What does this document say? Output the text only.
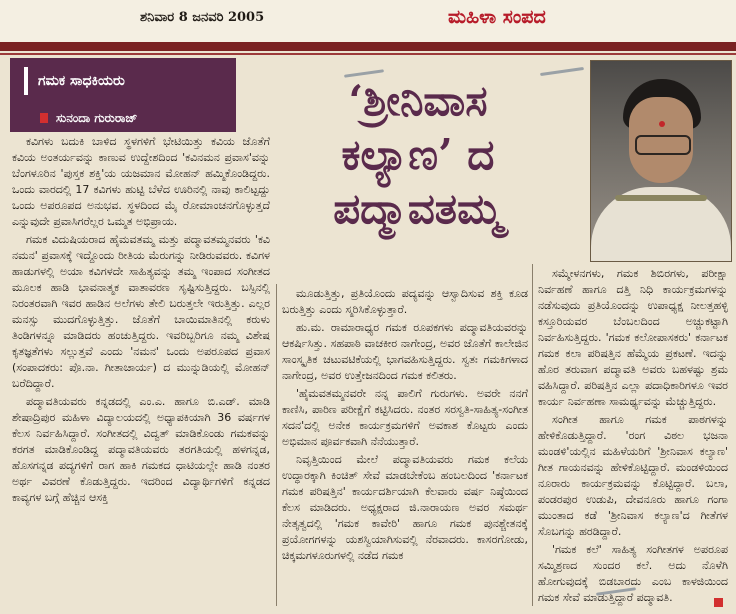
ಶನಿವಾರ 8 ಜನವರಿ 2005	ಮಹಿಳಾ ಸಂಪದ
ಗಮಕ ಸಾಧಕಿಯರು
ಸುನಂದಾ ಗುರುರಾಜ್	‘ಶ್ರೀನಿವಾಸ
ಕಲ್ಯಾಣ’ ದ
ಪದ್ಮಾವತಮ್ಮ

ಕವಿಗಳು ಬದುಕಿ ಬಾಳಿದ ಸ್ಥಳಗಳಿಗೆ ಭೇಟಿಯಿತ್ತು ಕವಿಯ ಜೊತೆಗೆ ಕವಿಯ ಅಂತರ್ಯವನ್ನು ಕಾಣುವ ಉದ್ದೇಶದಿಂದ 'ಕವಿನಮನ ಪ್ರವಾಸ'ವನ್ನು ಬೆಂಗಳೂರಿನ 'ಪುಸ್ತಕ ಶಕ್ತಿ'ಯ ಯಜಮಾನ ಮೋಹನ್ ಹಮ್ಮಿಕೊಂಡಿದ್ದರು. ಒಂದು ವಾರದಲ್ಲಿ 17 ಕವಿಗಳು ಹುಟ್ಟಿ ಬೆಳೆದ ಊರಿನಲ್ಲಿ ನಾವು ಕಾಲಿಟ್ಟದ್ದು ಒಂದು ಅಪರೂಪದ ಅನುಭವ. ಸ್ಥಳದಿಂದ ಮೈ ರೋಮಾಂಚನಗೊಳ್ಳುತ್ತದೆ ಎನ್ನುವುದೇ ಪ್ರವಾಸಿಗರೆಲ್ಲರ ಒಮ್ಮತ ಅಭಿಪ್ರಾಯ.

ಗಮಕ ವಿದುಷಿಯರಾದ ಹೈಮವತಮ್ಮ ಮತ್ತು ಪದ್ಮಾವತಮ್ಮನವರು 'ಕವಿ ನಮನ' ಪ್ರವಾಸಕ್ಕೆ ಇದ್ದೊಂದು ರೀತಿಯ ಮೆರುಗನ್ನು ನೀಡಿರುವವರು. ಕವಿಗಳ ಹಾಡುಗಳಲ್ಲಿ ಅಯಾ ಕವಿಗಳದೇ ಸಾಹಿತ್ಯವನ್ನು ತಮ್ಮ ಇಂಪಾದ ಸಂಗೀತದ ಮೂಲಕ ಹಾಡಿ ಭಾವನಾತ್ಮಕ ವಾತಾವರಣ ಸೃಷ್ಟಿಸುತ್ತಿದ್ದರು. ಬಸ್ಸಿನಲ್ಲಿ ನಿರಂತರವಾಗಿ ಇವರ ಹಾಡಿನ ಅಲೆಗಳು ತೇಲಿ ಬರುತ್ತಲೇ ಇರುತ್ತಿತ್ತು. ಎಲ್ಲರ ಮನಸ್ಸು ಮುದಗೊಳ್ಳುತ್ತಿತ್ತು. ಜೊತೆಗೆ ಬಾಯಿಮಾತಿನಲ್ಲಿ ಕರುಳು ತಿಂಡಿಗಳನ್ನೂ ಮಾಡಿದರು ಹಂಚುತ್ತಿದ್ದರು. ಇವರಿಬ್ಬರಿಗೂ ನಮ್ಮ ವಿಶೇಷ ಕೃತಜ್ಞತೆಗಳು ಸಲ್ಲುತ್ತವೆ ಎಂದು 'ನಮನ' ಒಂದು ಅಪರೂಪದ ಪ್ರವಾಸ (ಸಂಪಾದಕರು: ಪೊ.ನಾ. ಗೀತಾಚಾರ್ಯ) ದ ಮುನ್ನುಡಿಯಲ್ಲಿ ಮೋಹನ್ ಬರೆದಿದ್ದಾರೆ.

ಪದ್ಮಾವತಿಯವರು ಕನ್ನಡದಲ್ಲಿ ಎಂ.ಎ. ಹಾಗೂ ಬಿ.ಎಡ್. ಮಾಡಿ ಶೇಷಾದ್ರಿಪುರ ಮಹಿಳಾ ವಿದ್ಯಾಲಯದಲ್ಲಿ ಅಧ್ಯಾಪಕಿಯಾಗಿ 36 ವರ್ಷಗಳ ಕೆಲಸ ನಿರ್ವಹಿಸಿದ್ದಾರೆ. ಸಂಗೀತದಲ್ಲಿ ವಿದ್ವತ್ ಮಾಡಿಕೊಂಡು ಗಮಕವನ್ನು ಕರಗತ ಮಾಡಿಕೊಂಡಿದ್ದ ಪದ್ಮಾವತಿಯವರು ತರಗತಿಯಲ್ಲಿ ಹಳಗನ್ನಡ, ಹೊಸಗನ್ನಡ ಪದ್ಯಗಳಿಗೆ ರಾಗ ಹಾಕಿ ಗಮಕದ ಧಾಟಿಯಲ್ಲೇ ಹಾಡಿ ನಂತರ ಅರ್ಥ ವಿವರಣೆ ಕೊಡುತ್ತಿದ್ದರು. ಇದರಿಂದ ವಿದ್ಯಾರ್ಥಿಗಳಿಗೆ ಕನ್ನಡದ ಕಾವ್ಯಗಳ ಬಗ್ಗೆ ಹೆಚ್ಚಿನ ಆಸಕ್ತಿ

ಮೂಡುತ್ತಿತ್ತು, ಪ್ರತಿಯೊಂದು ಪದ್ಯವನ್ನು ಆಸ್ವಾದಿಸುವ ಶಕ್ತಿ ಕೂಡ ಬರುತ್ತಿತ್ತು ಎಂದು ಸ್ಮರಿಸಿಕೊಳ್ಳುತ್ತಾರೆ.

ಹು.ಮ. ರಾಮಾರಾಧ್ಯರ ಗಮಕ ರೂಪಕಗಳು ಪದ್ಮಾವತಿಯವರನ್ನು ಆಕರ್ಷಿಸಿತ್ತು. ಸಹಪಾಠಿ ವಾಚಕೀರ ನಾಗೇಂದ್ರ, ಅವರ ಜೊತೆಗೆ ಕಾಲೇಜಿನ ಸಾಂಸ್ಕೃತಿಕ ಚಟುವಟಿಕೆಯಲ್ಲಿ ಭಾಗವಹಿಸುತ್ತಿದ್ದರು. ಸ್ವತಃ ಗಮಕಿಗಳಾದ ನಾಗೇಂದ್ರ, ಅವರ ಉತ್ತೇಜನದಿಂದ ಗಮಕ ಕಲಿತರು.

'ಹೈಮವತಮ್ಮನವರೇ ನನ್ನ ಪಾಲಿಗೆ ಗುರುಗಳು. ಅವರೇ ನನಗೆ ಕಾಣಿಸಿ, ಪಾರಿಣ ಪರೀಕ್ಷೆಗೆ ಕಟ್ಟಿಸಿದರು. ನಂತರ ಸರಸ್ವತಿ-ಸಾಹಿತ್ಯ-ಸಂಗೀತ ಸದನ'ದಲ್ಲಿ ಅನೇಕ ಕಾರ್ಯಕ್ರಮಗಳಿಗೆ ಅವಕಾಶ ಕೊಟ್ಟರು ಎಂದು ಅಭಿಮಾನ ಪೂರ್ವಕವಾಗಿ ನೆನೆಯುತ್ತಾರೆ.

ನಿವೃತ್ತಿಯಿಂದ ಮೇಲೆ ಪದ್ಮಾವತಿಯವರು ಗಮಕ ಕಲೆಯ ಉದ್ಧಾರಕ್ಕಾಗಿ ಕಿಂಚಿತ್ ಸೇವೆ ಮಾಡಬೇಕೆಂಬ ಹಂಬಲದಿಂದ 'ಕರ್ನಾಟಕ ಗಮಕ ಪರಿಷತ್ತಿನ' ಕಾರ್ಯದರ್ಶಿಯಾಗಿ ಕೆಲವಾರು ವರ್ಷ ನಿಷ್ಠೆಯಿಂದ ಕೆಲಸ ಮಾಡಿದರು. ಅಧ್ಯಕ್ಷರಾದ ಜಿ.ನಾರಾಯಣ ಅವರ ಸಮರ್ಥ ನೇತೃತ್ವದಲ್ಲಿ 'ಗಮಕ ಕಾವೇರಿ' ಹಾಗೂ ಗಮಕ ಪುನಶ್ಚೇತನಕ್ಕೆ ಪ್ರಯೋಗಗಳನ್ನು ಯಶಸ್ವಿಯಾಗಿಸುವಲ್ಲಿ ನೆರವಾದರು. ಕಾಸರಗೋಡು, ಚಿಕ್ಕಮಗಳೂರುಗಳಲ್ಲಿ ನಡೆದ ಗಮಕ

ಸಮ್ಮೇಳನಗಳು, ಗಮಕ ಶಿಬಿರಗಳು, ಪರೀಕ್ಷಾ ನಿರ್ವಹಣೆ ಹಾಗೂ ದತ್ತಿ ನಿಧಿ ಕಾರ್ಯಕ್ರಮಗಳನ್ನು ನಡೆಸುವುದು ಪ್ರತಿಯೊಂದನ್ನು ಉಪಾಧ್ಯಕ್ಷ ನೀಲತ್ತಹಳ್ಳಿ ಕಸ್ತೂರಿಯವರ ಬೆಂಬಲದಿಂದ ಅಚ್ಚುಕಟ್ಟಾಗಿ ನಿರ್ವಹಿಸುತ್ತಿದ್ದರು. 'ಗಮಕ ಕಲೋಪಾಸಕರು' ಕರ್ನಾಟಕ ಗಮಕ ಕಲಾ ಪರಿಷತ್ತಿನ ಹೆಮ್ಮೆಯ ಪ್ರಕಟಣೆ. ಇದನ್ನು ಹೊರ ತರುವಾಗ ಪದ್ಮಾವತಿ ಅವರು ಬಹಳಷ್ಟು ಶ್ರಮ ವಹಿಸಿದ್ದಾರೆ. ಪರಿಷತ್ತಿನ ಎಲ್ಲಾ ಪದಾಧಿಕಾರಿಗಳೂ ಇವರ ಕಾರ್ಯ ನಿರ್ವಹಣಾ ಸಾಮರ್ಥ್ಯವನ್ನು ಮೆಚ್ಚುತ್ತಿದ್ದರು.

ಸಂಗೀತ ಹಾಗೂ ಗಮಕ ಪಾಠಗಳನ್ನು ಹೇಳಿಕೊಡುತ್ತಿದ್ದಾರೆ. 'ರಂಗ ವಿಠಲ ಭಜನಾ ಮಂಡಳಿ'ಯಲ್ಲಿನ ಮಹಿಳೆಯರಿಗೆ 'ಶ್ರೀನಿವಾಸ ಕಲ್ಯಾಣ' ಗೀತ ಗಾಯನವನ್ನು ಹೇಳಿಕೊಟ್ಟಿದ್ದಾರೆ. ಮಂಡಳಿಯಿಂದ ನೂರಾರು ಕಾರ್ಯಕ್ರಮವನ್ನು ಕೊಟ್ಟಿದ್ದಾರೆ. ಬಲಾ, ಪಂಡರಪುರ ಉಡುಪಿ, ದೇವನೂರು ಹಾಗೂ ಗಂಗಾ ಮುಂತಾದ ಕಡೆ 'ಶ್ರೀನಿವಾಸ ಕಲ್ಯಾಣ'ದ ಗೀತೆಗಳ ಸೊಬಗನ್ನು ಹರಡಿದ್ದಾರೆ.

'ಗಮಕ ಕಲೆ' ಸಾಹಿತ್ಯ ಸಂಗೀತಗಳ ಅಪರೂಪ ಸಮ್ಮಿಶ್ರಣದ ಸುಂದರ ಕಲೆ. ಅದು ನೊಳೆಗಿ ಹೋಗುವುದಕ್ಕೆ ಬಿಡಬಾರದು ಎಂಬ ಕಾಳಜಿಯಿಂದ ಗಮಕ ಸೇವೆ ಮಾಡುತ್ತಿದ್ದಾರೆ ಪದ್ಮಾವತಿ.
